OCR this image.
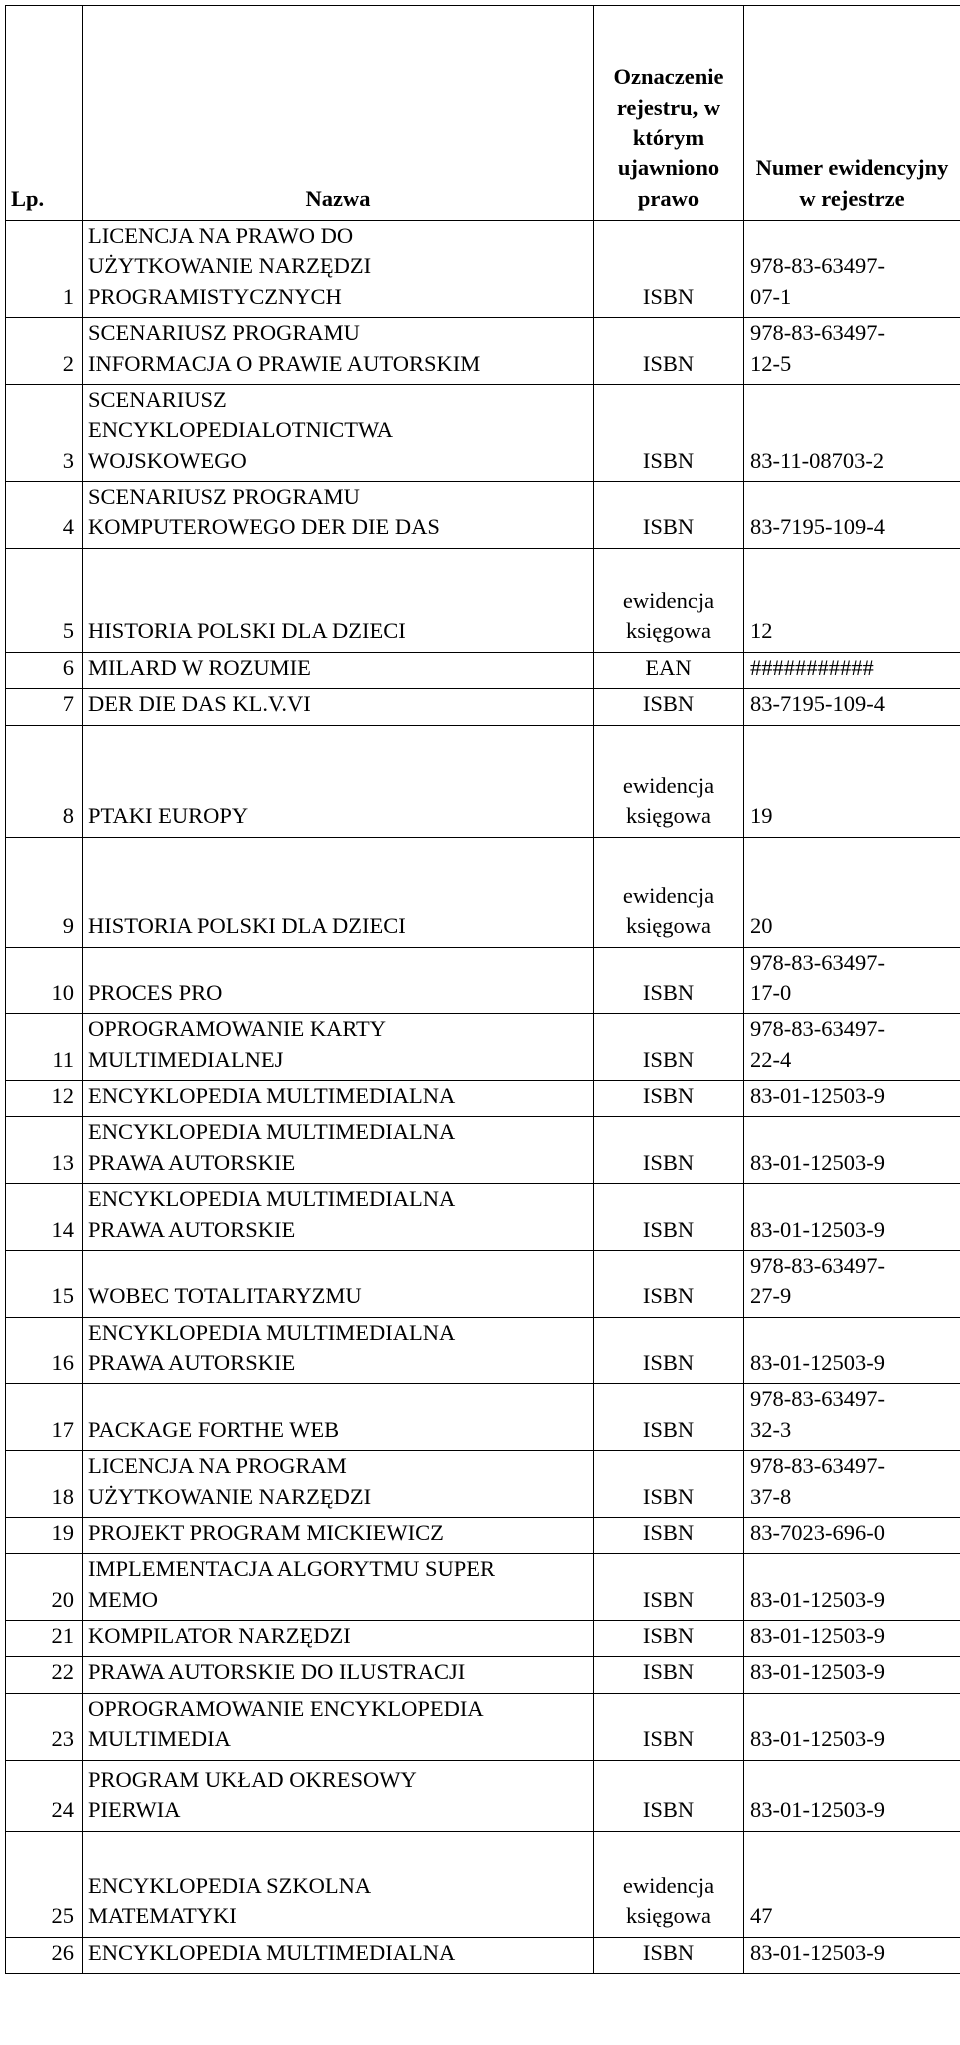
Lp.	Nazwa	Oznaczenie rejestru, w którym ujawniono prawo	Numer ewidencyjny w rejestrze
1	LICENCJA NA PRAWO DO
UŻYTKOWANIE NARZĘDZI
PROGRAMISTYCZNYCH	ISBN	978-83-63497-
07-1

2	SCENARIUSZ PROGRAMU
INFORMACJA O PRAWIE AUTORSKIM	ISBN	978-83-63497-
12-5

3	SCENARIUSZ
ENCYKLOPEDIALOTNICTWA
WOJSKOWEGO	ISBN	83-11-08703-2
4	SCENARIUSZ PROGRAMU
KOMPUTEROWEGO DER DIE DAS	ISBN	83-7195-109-4
5	HISTORIA POLSKI DLA DZIECI	ewidencja
księgowa	12
6	MILARD W ROZUMIE	EAN	###########
7	DER DIE DAS KL.V.VI	ISBN	83-7195-109-4
8	PTAKI EUROPY	ewidencja
księgowa	19
9	HISTORIA POLSKI DLA DZIECI	ewidencja
księgowa	20
10	PROCES PRO	ISBN	978-83-63497-
17-0

11	OPROGRAMOWANIE KARTY
MULTIMEDIALNEJ	ISBN	978-83-63497-
22-4

12	ENCYKLOPEDIA MULTIMEDIALNA	ISBN	83-01-12503-9
13	ENCYKLOPEDIA MULTIMEDIALNA
PRAWA AUTORSKIE	ISBN	83-01-12503-9
14	ENCYKLOPEDIA MULTIMEDIALNA
PRAWA AUTORSKIE	ISBN	83-01-12503-9
15	WOBEC TOTALITARYZMU	ISBN	978-83-63497-
27-9

16	ENCYKLOPEDIA MULTIMEDIALNA
PRAWA AUTORSKIE	ISBN	83-01-12503-9
17	PACKAGE FORTHE WEB	ISBN	978-83-63497-
32-3

18	LICENCJA NA PROGRAM
UŻYTKOWANIE NARZĘDZI	ISBN	978-83-63497-
37-8

19	PROJEKT PROGRAM MICKIEWICZ	ISBN	83-7023-696-0
20	IMPLEMENTACJA ALGORYTMU SUPER
MEMO	ISBN	83-01-12503-9
21	KOMPILATOR NARZĘDZI	ISBN	83-01-12503-9
22	PRAWA AUTORSKIE DO ILUSTRACJI	ISBN	83-01-12503-9
23	OPROGRAMOWANIE ENCYKLOPEDIA
MULTIMEDIA	ISBN	83-01-12503-9
24	PROGRAM UKŁAD OKRESOWY
PIERWIA	ISBN	83-01-12503-9
25	ENCYKLOPEDIA SZKOLNA
MATEMATYKI	ewidencja
księgowa	47
26	ENCYKLOPEDIA MULTIMEDIALNA	ISBN	83-01-12503-9
